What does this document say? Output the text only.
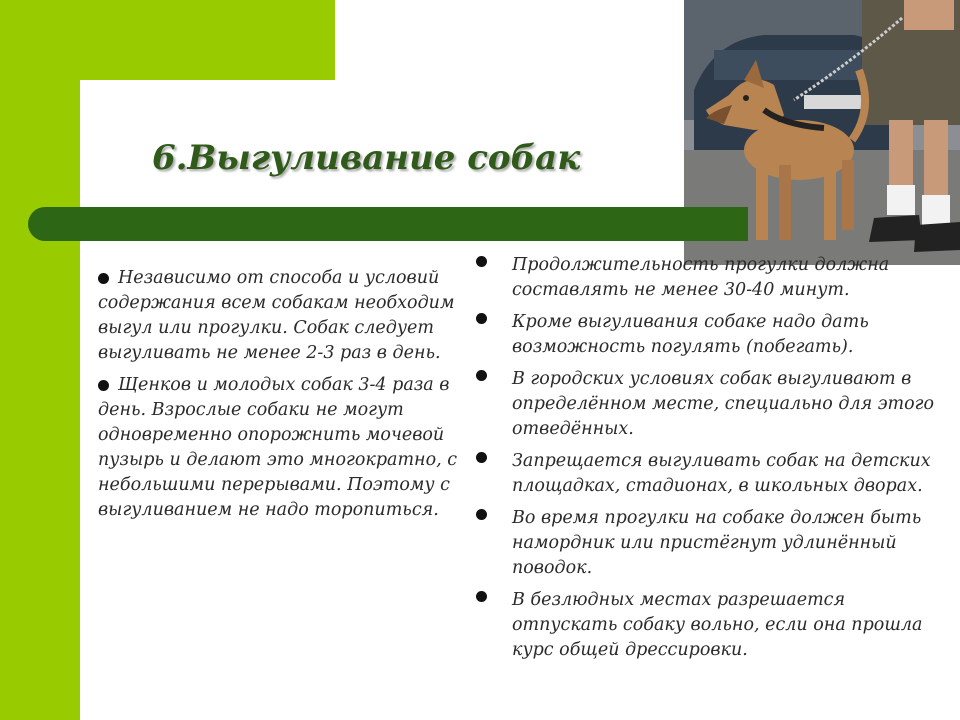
6.Выгуливание собак
Независимо от способа и условий содержания всем собакам необходим выгул или прогулки. Собак следует выгуливать не менее 2-3 раз в день.
Щенков и молодых собак 3-4 раза в день. Взрослые собаки не могут одновременно опорожнить мочевой пузырь и делают это многократно, с небольшими перерывами. Поэтому с выгуливанием не надо торопиться.
Продолжительность прогулки должна составлять не менее 30-40 минут.
Кроме выгуливания собаке надо дать возможность погулять (побегать).
В городских условиях собак выгуливают в определённом месте, специально для этого отведённых.
Запрещается выгуливать собак на детских площадках, стадионах, в школьных дворах.
Во время прогулки на собаке должен быть намордник или пристёгнут удлинённый поводок.
В безлюдных местах разрешается отпускать собаку вольно, если она прошла курс общей дрессировки.
